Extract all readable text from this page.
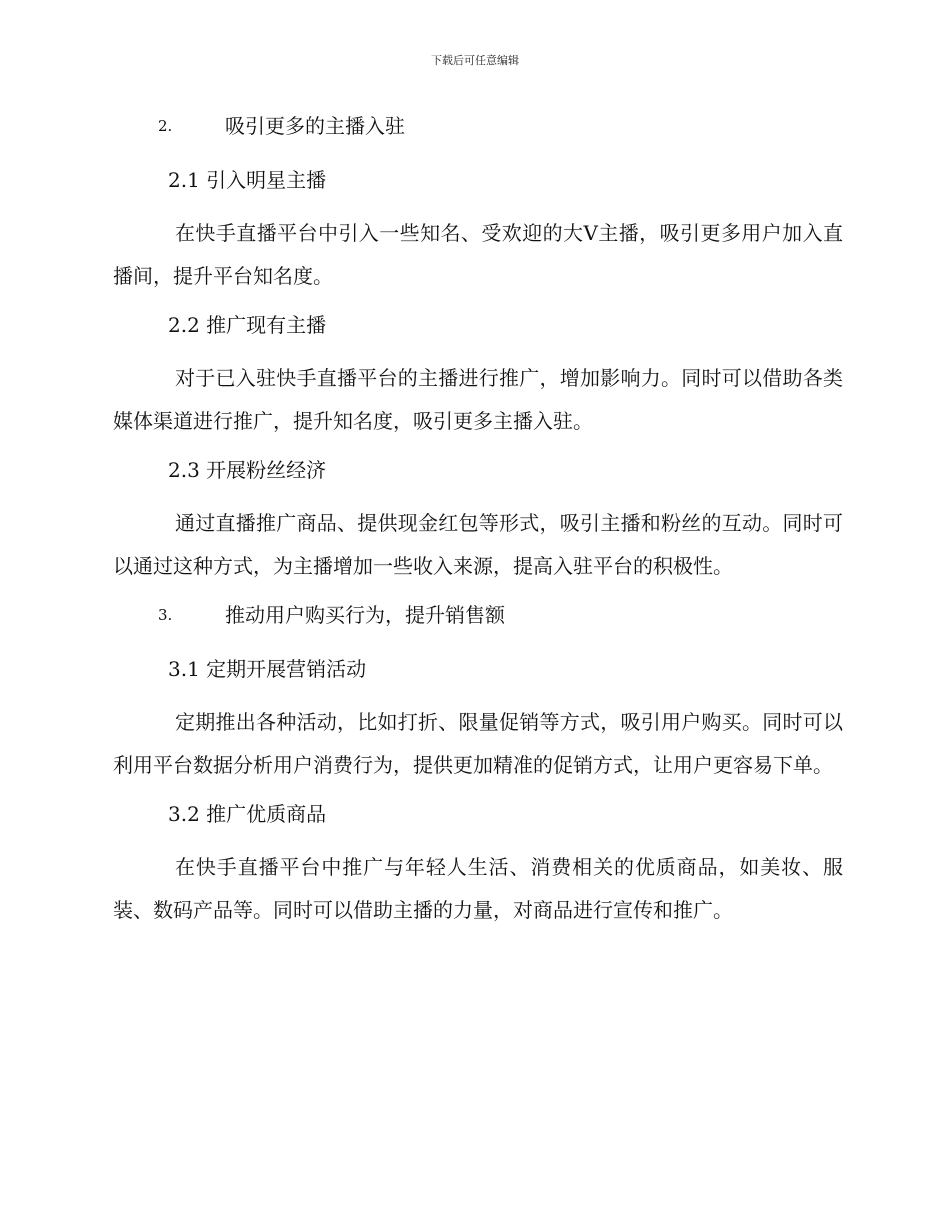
下载后可任意编辑
2.	吸引更多的主播入驻
2.1 引入明星主播

在快手直播平台中引入一些知名、受欢迎的大V主播，吸引更多用户加入直播间，提升平台知名度。

2.2 推广现有主播

对于已入驻快手直播平台的主播进行推广，增加影响力。同时可以借助各类媒体渠道进行推广，提升知名度，吸引更多主播入驻。

2.3 开展粉丝经济

通过直播推广商品、提供现金红包等形式，吸引主播和粉丝的互动。同时可以通过这种方式，为主播增加一些收入来源，提高入驻平台的积极性。

3.	推动用户购买行为，提升销售额
3.1 定期开展营销活动

定期推出各种活动，比如打折、限量促销等方式，吸引用户购买。同时可以利用平台数据分析用户消费行为，提供更加精准的促销方式，让用户更容易下单。

3.2 推广优质商品

在快手直播平台中推广与年轻人生活、消费相关的优质商品，如美妆、服装、数码产品等。同时可以借助主播的力量，对商品进行宣传和推广。
